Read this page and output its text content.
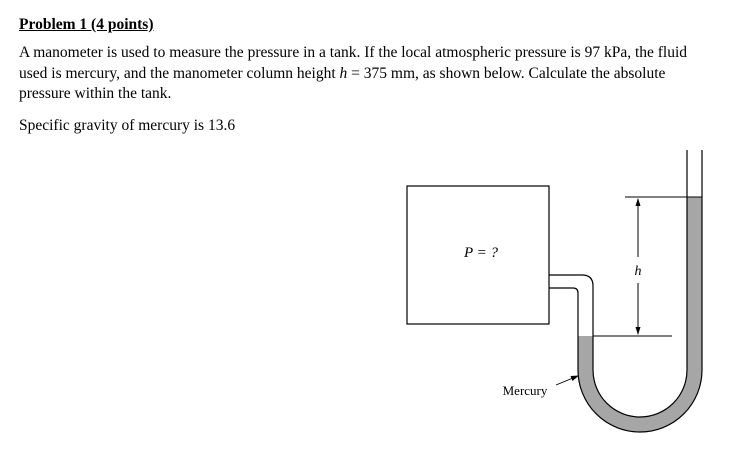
Problem 1 (4 points)
A manometer is used to measure the pressure in a tank. If the local atmospheric pressure is 97 kPa, the fluid
used is mercury, and the manometer column height h = 375 mm, as shown below. Calculate the absolute
pressure within the tank.
Specific gravity of mercury is 13.6
P = ?
h
Mercury
